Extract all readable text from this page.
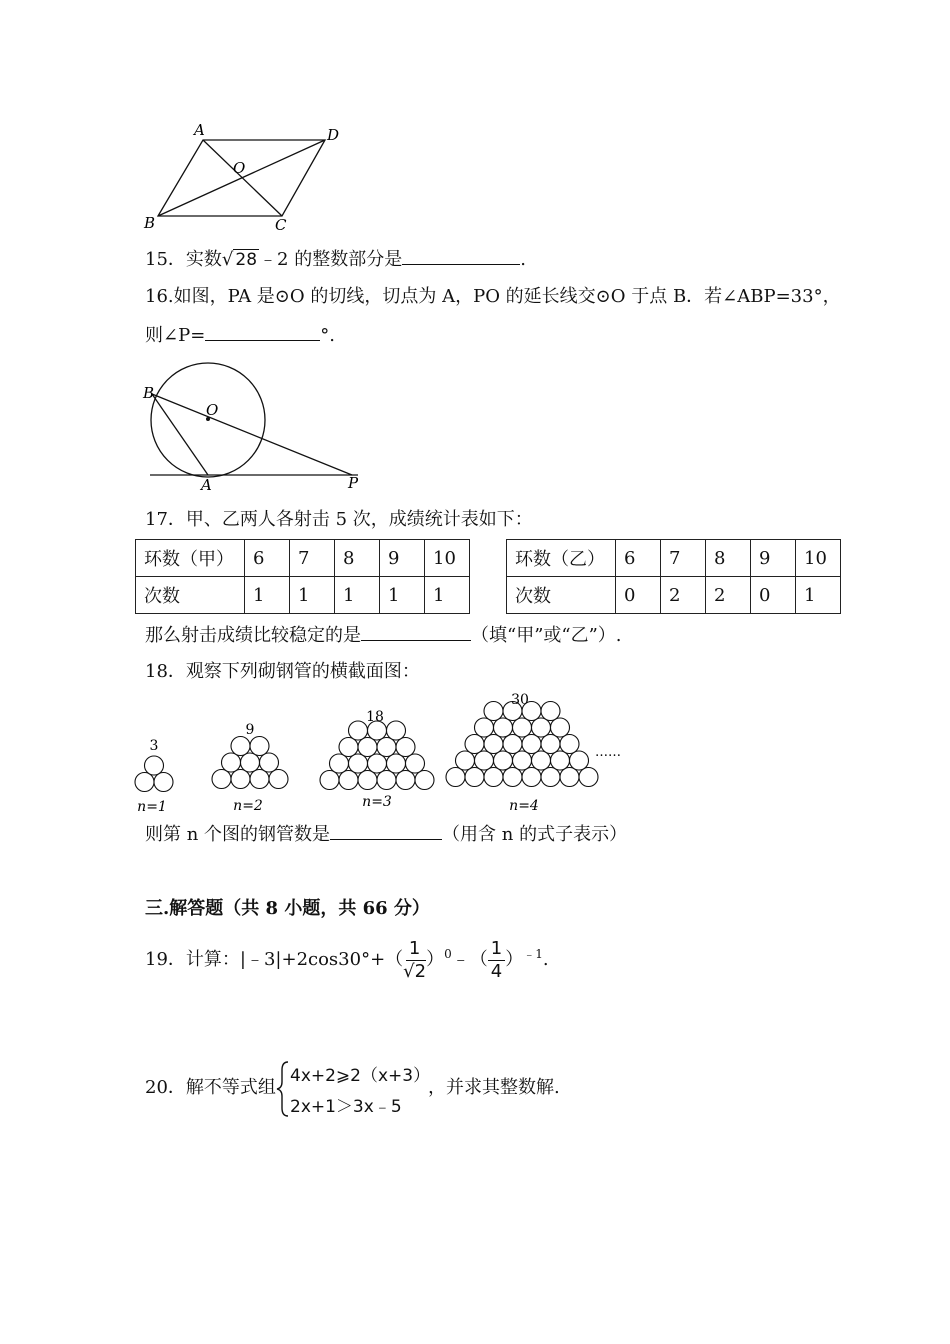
A	D
O
B	C
15．实数√ 28 ﹣2 的整数部分是	.
16.如图，PA 是⊙O 的切线，切点为 A，PO 的延长线交⊙O 于点 B．若∠ABP=33°，
则∠P=	°.
B
O
A	P
17．甲、乙两人各射击 5 次，成绩统计表如下：
环数（甲）	6	7	8	9	10
次数	1	1	1	1	1
环数（乙）	6	7	8	9	10
次数	0	2	2	0	1
那么射击成绩比较稳定的是	（填“甲”或“乙”）.
18．观察下列砌钢管的横截面图：
3
9
18
30
n=1	n=2	n=3	n=4
……
则第 n 个图的钢管数是	（用含 n 的式子表示）
三.解答题（共 8 小题，共 66 分）
19．计算：|﹣3|+2cos30°+（ $\frac{1}{√2}$ ）$^0$﹣（ $\frac{1}{4} )^{﹣1}$.
20．解不等式组
4x+2⩾2（x+3）
2x+1＞3x﹣5
，并求其整数解.
